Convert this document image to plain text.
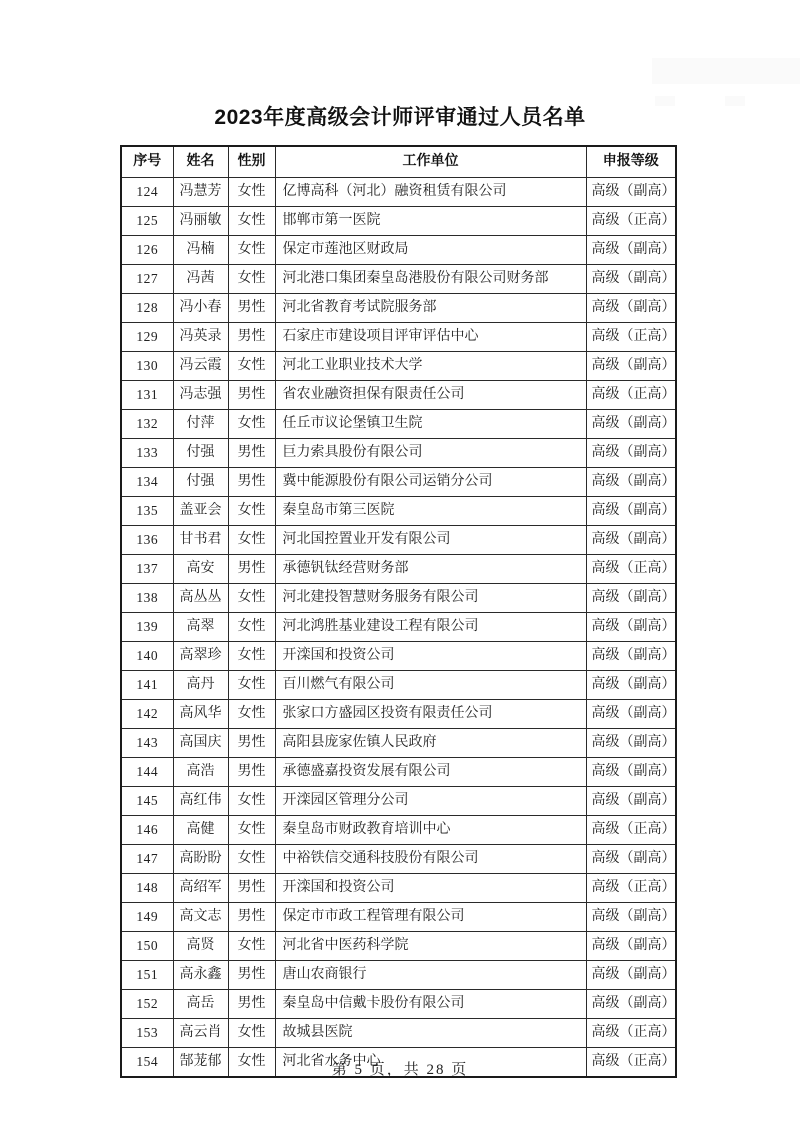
2023年度高级会计师评审通过人员名单
序号	姓名	性别	工作单位	申报等级
124	冯慧芳	女性	亿博高科（河北）融资租赁有限公司	高级（副高）
125	冯丽敏	女性	邯郸市第一医院	高级（正高）
126	冯楠	女性	保定市莲池区财政局	高级（副高）
127	冯茜	女性	河北港口集团秦皇岛港股份有限公司财务部	高级（副高）
128	冯小春	男性	河北省教育考试院服务部	高级（副高）
129	冯英录	男性	石家庄市建设项目评审评估中心	高级（正高）
130	冯云霞	女性	河北工业职业技术大学	高级（副高）
131	冯志强	男性	省农业融资担保有限责任公司	高级（正高）
132	付萍	女性	任丘市议论堡镇卫生院	高级（副高）
133	付强	男性	巨力索具股份有限公司	高级（副高）
134	付强	男性	冀中能源股份有限公司运销分公司	高级（副高）
135	盖亚会	女性	秦皇岛市第三医院	高级（副高）
136	甘书君	女性	河北国控置业开发有限公司	高级（副高）
137	高安	男性	承德钒钛经营财务部	高级（正高）
138	高丛丛	女性	河北建投智慧财务服务有限公司	高级（副高）
139	高翠	女性	河北鸿胜基业建设工程有限公司	高级（副高）
140	高翠珍	女性	开滦国和投资公司	高级（副高）
141	高丹	女性	百川燃气有限公司	高级（副高）
142	高风华	女性	张家口方盛园区投资有限责任公司	高级（副高）
143	高国庆	男性	高阳县庞家佐镇人民政府	高级（副高）
144	高浩	男性	承德盛嘉投资发展有限公司	高级（副高）
145	高红伟	女性	开滦园区管理分公司	高级（副高）
146	高健	女性	秦皇岛市财政教育培训中心	高级（正高）
147	高盼盼	女性	中裕铁信交通科技股份有限公司	高级（副高）
148	高绍军	男性	开滦国和投资公司	高级（正高）
149	高文志	男性	保定市市政工程管理有限公司	高级（副高）
150	高贤	女性	河北省中医药科学院	高级（副高）
151	高永鑫	男性	唐山农商银行	高级（副高）
152	高岳	男性	秦皇岛中信戴卡股份有限公司	高级（副高）
153	高云肖	女性	故城县医院	高级（正高）
154	郜茏郁	女性	河北省水务中心	高级（正高）
第 5 页，共 28 页
